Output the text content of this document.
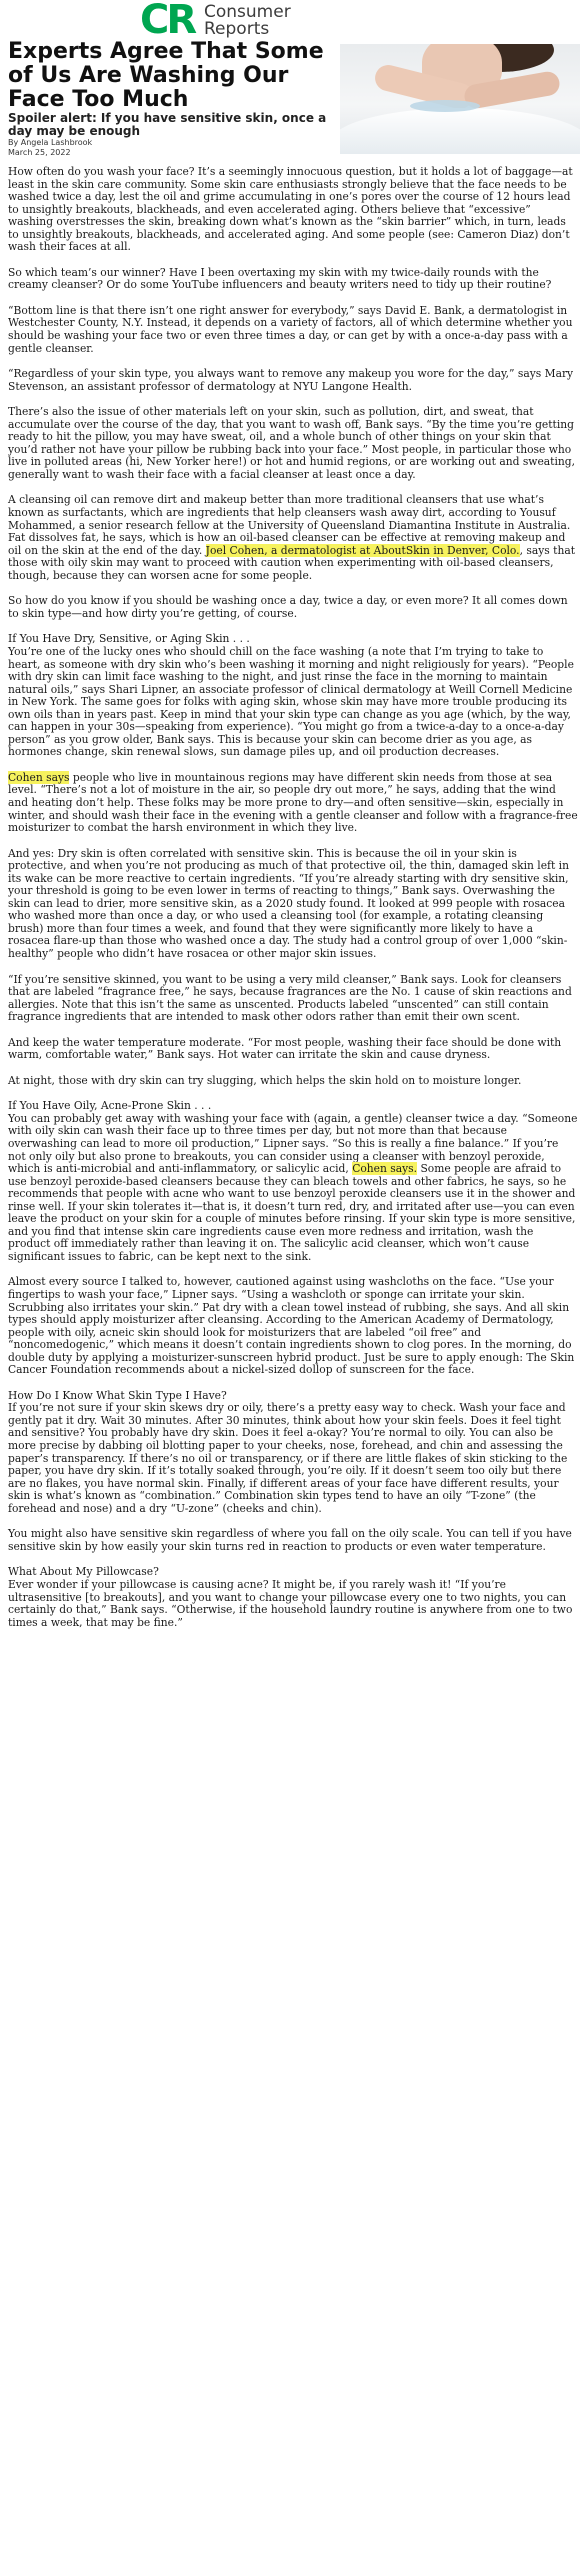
CR Consumer
Reports
Experts Agree That Some of Us Are Washing Our Face Too Much
Spoiler alert: If you have sensitive skin, once a day may be enough
By Angela Lashbrook
March 25, 2022

How often do you wash your face? It’s a seemingly innocuous question, but it holds a lot of baggage—at least in the skin care community. Some skin care enthusiasts strongly believe that the face needs to be washed twice a day, lest the oil and grime accumulating in one’s pores over the course of 12 hours lead to unsightly breakouts, blackheads, and even accelerated aging. Others believe that “excessive” washing overstresses the skin, breaking down what’s known as the “skin barrier” which, in turn, leads to unsightly breakouts, blackheads, and accelerated aging. And some people (see: Cameron Diaz) don’t wash their faces at all.

So which team’s our winner? Have I been overtaxing my skin with my twice-daily rounds with the creamy cleanser? Or do some YouTube influencers and beauty writers need to tidy up their routine?

“Bottom line is that there isn’t one right answer for everybody,” says David E. Bank, a dermatologist in Westchester County, N.Y. Instead, it depends on a variety of factors, all of which determine whether you should be washing your face two or even three times a day, or can get by with a once-a-day pass with a gentle cleanser.

“Regardless of your skin type, you always want to remove any makeup you wore for the day,” says Mary Stevenson, an assistant professor of dermatology at NYU Langone Health.

There’s also the issue of other materials left on your skin, such as pollution, dirt, and sweat, that accumulate over the course of the day, that you want to wash off, Bank says. “By the time you’re getting ready to hit the pillow, you may have sweat, oil, and a whole bunch of other things on your skin that you’d rather not have your pillow be rubbing back into your face.” Most people, in particular those who live in polluted areas (hi, New Yorker here!) or hot and humid regions, or are working out and sweating, generally want to wash their face with a facial cleanser at least once a day.

A cleansing oil can remove dirt and makeup better than more traditional cleansers that use what’s known as surfactants, which are ingredients that help cleansers wash away dirt, according to Yousuf Mohammed, a senior research fellow at the University of Queensland Diamantina Institute in Australia. Fat dissolves fat, he says, which is how an oil-based cleanser can be effective at removing makeup and oil on the skin at the end of the day. Joel Cohen, a dermatologist at AboutSkin in Denver, Colo., says that those with oily skin may want to proceed with caution when experimenting with oil-based cleansers, though, because they can worsen acne for some people.

So how do you know if you should be washing once a day, twice a day, or even more? It all comes down to skin type—and how dirty you’re getting, of course.

If You Have Dry, Sensitive, or Aging Skin . . .
You’re one of the lucky ones who should chill on the face washing (a note that I’m trying to take to heart, as someone with dry skin who’s been washing it morning and night religiously for years). “People with dry skin can limit face washing to the night, and just rinse the face in the morning to maintain natural oils,” says Shari Lipner, an associate professor of clinical dermatology at Weill Cornell Medicine in New York. The same goes for folks with aging skin, whose skin may have more trouble producing its own oils than in years past. Keep in mind that your skin type can change as you age (which, by the way, can happen in your 30s—speaking from experience). “You might go from a twice-a-day to a once-a-day person” as you grow older, Bank says. This is because your skin can become drier as you age, as hormones change, skin renewal slows, sun damage piles up, and oil production decreases.

Cohen says people who live in mountainous regions may have different skin needs from those at sea level. “There’s not a lot of moisture in the air, so people dry out more,” he says, adding that the wind and heating don’t help. These folks may be more prone to dry—and often sensitive—skin, especially in winter, and should wash their face in the evening with a gentle cleanser and follow with a fragrance-free moisturizer to combat the harsh environment in which they live.

And yes: Dry skin is often correlated with sensitive skin. This is because the oil in your skin is protective, and when you’re not producing as much of that protective oil, the thin, damaged skin left in its wake can be more reactive to certain ingredients. “If you’re already starting with dry sensitive skin, your threshold is going to be even lower in terms of reacting to things,” Bank says. Overwashing the skin can lead to drier, more sensitive skin, as a 2020 study found. It looked at 999 people with rosacea who washed more than once a day, or who used a cleansing tool (for example, a rotating cleansing brush) more than four times a week, and found that they were significantly more likely to have a rosacea flare-up than those who washed once a day. The study had a control group of over 1,000 “skin-healthy” people who didn’t have rosacea or other major skin issues.

“If you’re sensitive skinned, you want to be using a very mild cleanser,” Bank says. Look for cleansers that are labeled “fragrance free,” he says, because fragrances are the No. 1 cause of skin reactions and allergies. Note that this isn’t the same as unscented. Products labeled “unscented” can still contain fragrance ingredients that are intended to mask other odors rather than emit their own scent.

And keep the water temperature moderate. “For most people, washing their face should be done with warm, comfortable water,” Bank says. Hot water can irritate the skin and cause dryness.

At night, those with dry skin can try slugging, which helps the skin hold on to moisture longer.

If You Have Oily, Acne-Prone Skin . . .
You can probably get away with washing your face with (again, a gentle) cleanser twice a day. “Someone with oily skin can wash their face up to three times per day, but not more than that because overwashing can lead to more oil production,” Lipner says. “So this is really a fine balance.” If you’re not only oily but also prone to breakouts, you can consider using a cleanser with benzoyl peroxide, which is anti-microbial and anti-inflammatory, or salicylic acid, Cohen says. Some people are afraid to use benzoyl peroxide-based cleansers because they can bleach towels and other fabrics, he says, so he recommends that people with acne who want to use benzoyl peroxide cleansers use it in the shower and rinse well. If your skin tolerates it—that is, it doesn’t turn red, dry, and irritated after use—you can even leave the product on your skin for a couple of minutes before rinsing. If your skin type is more sensitive, and you find that intense skin care ingredients cause even more redness and irritation, wash the product off immediately rather than leaving it on. The salicylic acid cleanser, which won’t cause significant issues to fabric, can be kept next to the sink.

Almost every source I talked to, however, cautioned against using washcloths on the face. “Use your fingertips to wash your face,” Lipner says. “Using a washcloth or sponge can irritate your skin. Scrubbing also irritates your skin.” Pat dry with a clean towel instead of rubbing, she says. And all skin types should apply moisturizer after cleansing. According to the American Academy of Dermatology, people with oily, acneic skin should look for moisturizers that are labeled “oil free” and “noncomedogenic,” which means it doesn’t contain ingredients shown to clog pores. In the morning, do double duty by applying a moisturizer-sunscreen hybrid product. Just be sure to apply enough: The Skin Cancer Foundation recommends about a nickel-sized dollop of sunscreen for the face.

How Do I Know What Skin Type I Have?
If you’re not sure if your skin skews dry or oily, there’s a pretty easy way to check. Wash your face and gently pat it dry. Wait 30 minutes. After 30 minutes, think about how your skin feels. Does it feel tight and sensitive? You probably have dry skin. Does it feel a-okay? You’re normal to oily. You can also be more precise by dabbing oil blotting paper to your cheeks, nose, forehead, and chin and assessing the paper’s transparency. If there’s no oil or transparency, or if there are little flakes of skin sticking to the paper, you have dry skin. If it’s totally soaked through, you’re oily. If it doesn’t seem too oily but there are no flakes, you have normal skin. Finally, if different areas of your face have different results, your skin is what’s known as “combination.” Combination skin types tend to have an oily “T-zone” (the forehead and nose) and a dry “U-zone” (cheeks and chin).

You might also have sensitive skin regardless of where you fall on the oily scale. You can tell if you have sensitive skin by how easily your skin turns red in reaction to products or even water temperature.

What About My Pillowcase?
Ever wonder if your pillowcase is causing acne? It might be, if you rarely wash it! “If you’re ultrasensitive [to breakouts], and you want to change your pillowcase every one to two nights, you can certainly do that,” Bank says. “Otherwise, if the household laundry routine is anywhere from one to two times a week, that may be fine.”
